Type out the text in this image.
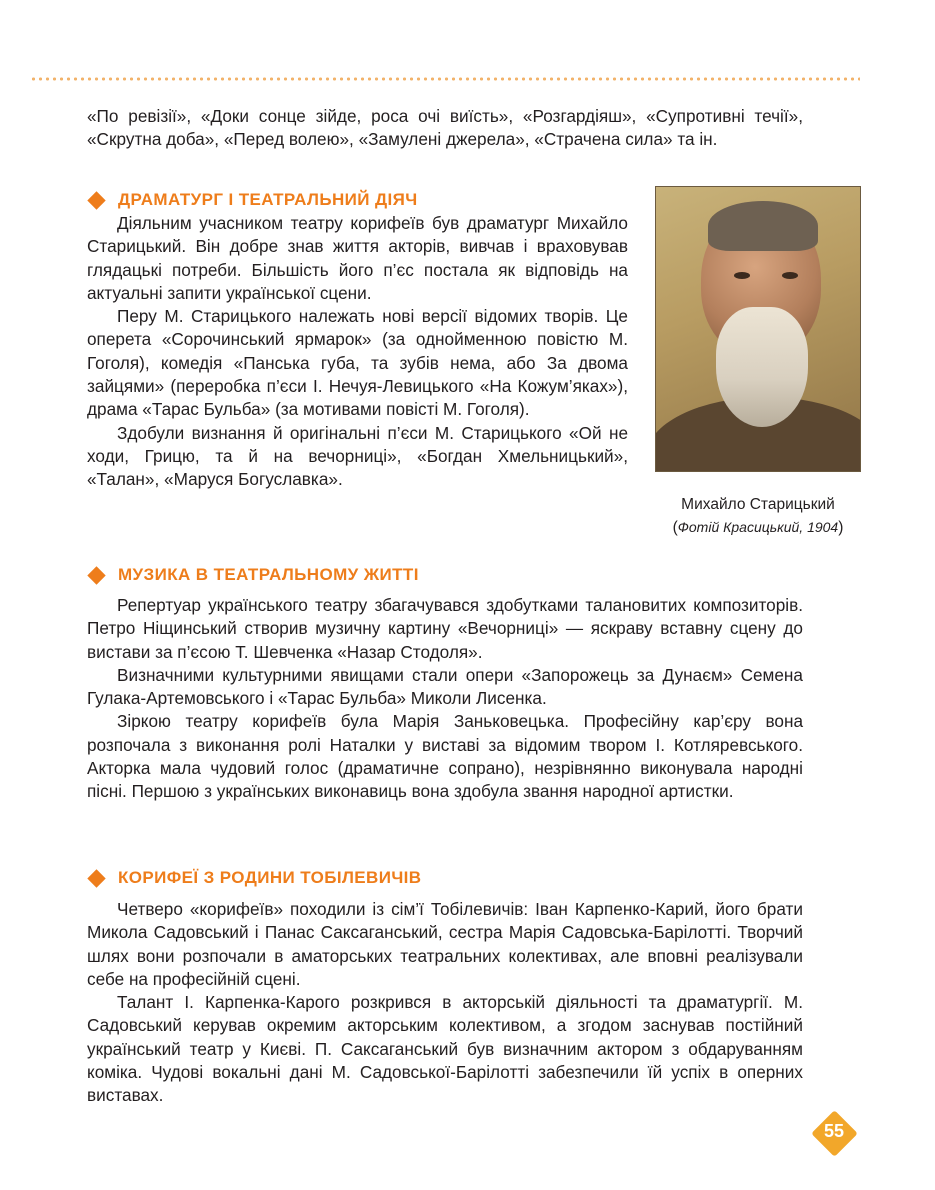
«По ревізії», «Доки сонце зійде, роса очі виїсть», «Розгардіяш», «Супротивні течії», «Скрутна доба», «Перед волею», «Замулені джерела», «Страчена сила» та ін.

ДРАМАТУРГ І ТЕАТРАЛЬНИЙ ДІЯЧ

Діяльним учасником театру корифеїв був драматург Михайло Старицький. Він добре знав життя акторів, вивчав і враховував глядацькі потреби. Більшість його п’єс постала як відповідь на актуальні запити української сцени.

Перу М. Старицького належать нові версії відомих творів. Це оперета «Сорочинський ярмарок» (за однойменною повістю М. Гоголя), комедія «Панська губа, та зубів нема, або За двома зайцями» (переробка п’єси І. Нечуя-Левицького «На Кожум’яках»), драма «Тарас Бульба» (за мотивами повісті М. Гоголя).

Здобули визнання й оригінальні п’єси М. Старицького «Ой не ходи, Грицю, та й на вечорниці», «Богдан Хмельницький», «Талан», «Маруся Богуславка».

Михайло Старицький
(Фотій Красицький, 1904)
МУЗИКА В ТЕАТРАЛЬНОМУ ЖИТТІ

Репертуар українського театру збагачувався здобутками талановитих композиторів. Петро Ніщинський створив музичну картину «Вечорниці» — яскраву вставну сцену до вистави за п’єсою Т. Шевченка «Назар Стодоля».

Визначними культурними явищами стали опери «Запорожець за Дунаєм» Семена Гулака-Артемовського і «Тарас Бульба» Миколи Лисенка.

Зіркою театру корифеїв була Марія Заньковецька. Професійну кар’єру вона розпочала з виконання ролі Наталки у виставі за відомим твором І. Котляревського. Акторка мала чудовий голос (драматичне сопрано), незрівнянно виконувала народні пісні. Першою з українських виконавиць вона здобула звання народної артистки.

КОРИФЕЇ З РОДИНИ ТОБІЛЕВИЧІВ

Четверо «корифеїв» походили із сім’ї Тобілевичів: Іван Карпенко-Карий, його брати Микола Садовський і Панас Саксаганський, сестра Марія Садовська-Барілотті. Творчий шлях вони розпочали в аматорських театральних колективах, але вповні реалізували себе на професійній сцені.

Талант І. Карпенка-Карого розкрився в акторській діяльності та драматургії. М. Садовський керував окремим акторським колективом, а згодом заснував постійний український театр у Києві. П. Саксаганський був визначним актором з обдаруванням коміка. Чудові вокальні дані М. Садовської-Барілотті забезпечили їй успіх в оперних виставах.

55
